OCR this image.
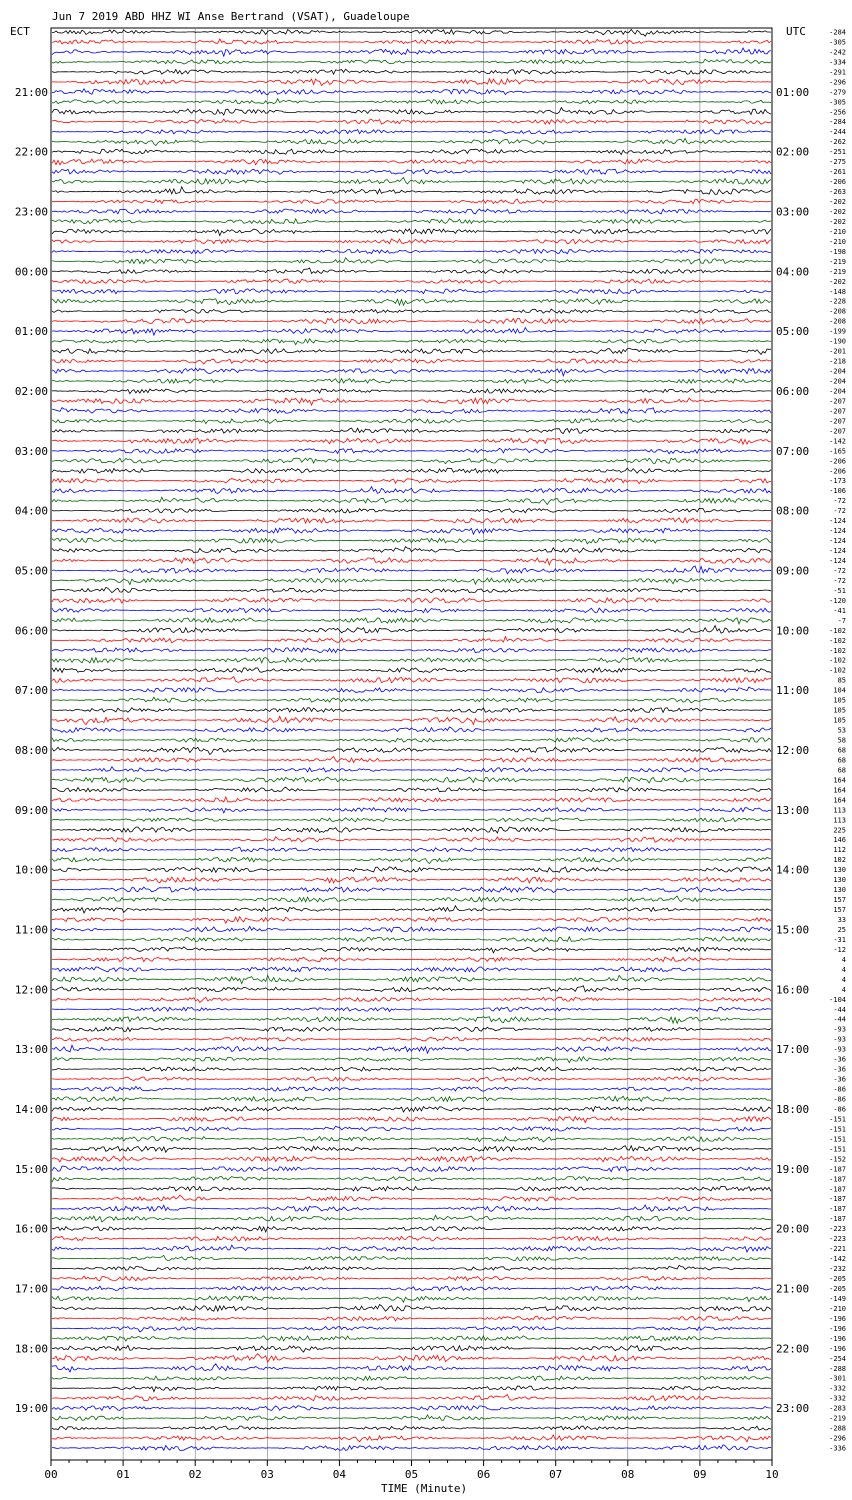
Jun 7 2019 ABD HHZ WI Anse Bertrand (VSAT), Guadeloupe
ECT	UTC	-284
-305
-242
-334
-291
-296
-279
-305
-256
-284
-244
-262
-251
-275
-261
-206
-263
-202
-202
-202
-210
-210
-198
-219
-219
-202
-148
-228
-208
-208
-199
-190
-201
-218
-204
-204
-204
-207
-207
-207
-207
-142
-165
-206
-206
-173
-106
-72
-72
-124
-124
-124
-124
-124
-72
-72
-51
-120
-41
-7
-102
-102
-102
-102
-102
85
104
105
105
105
53
58
68
68
68
164
164
164
113
113
225
146
112
102
130
130
130
157
157
33
25
-31
-12
4
4
4
4
-104
-44
-44
-93
-93
-93
-36
-36
-36
-86
-86
-86
-151
-151
-151
-151
-152
-187
-187
-187
-187
-187
-187
-223
-223
-221
-142
-232
-205
-205
-149
-210
-196
-196
-196
-196
-254
-288
-301
-332
-332
-283
-219
-288
-296
-336
21:00	01:00
22:00	02:00
23:00	03:00
00:00	04:00
01:00	05:00
02:00	06:00
03:00	07:00
04:00	08:00
05:00	09:00
06:00	10:00
07:00	11:00
08:00	12:00
09:00	13:00
10:00	14:00
11:00	15:00
12:00	16:00
13:00	17:00
14:00	18:00
15:00	19:00
16:00	20:00
17:00	21:00
18:00	22:00
19:00	23:00
00	01	02	03	04	05	06	07	08	09	10
TIME (Minute)
